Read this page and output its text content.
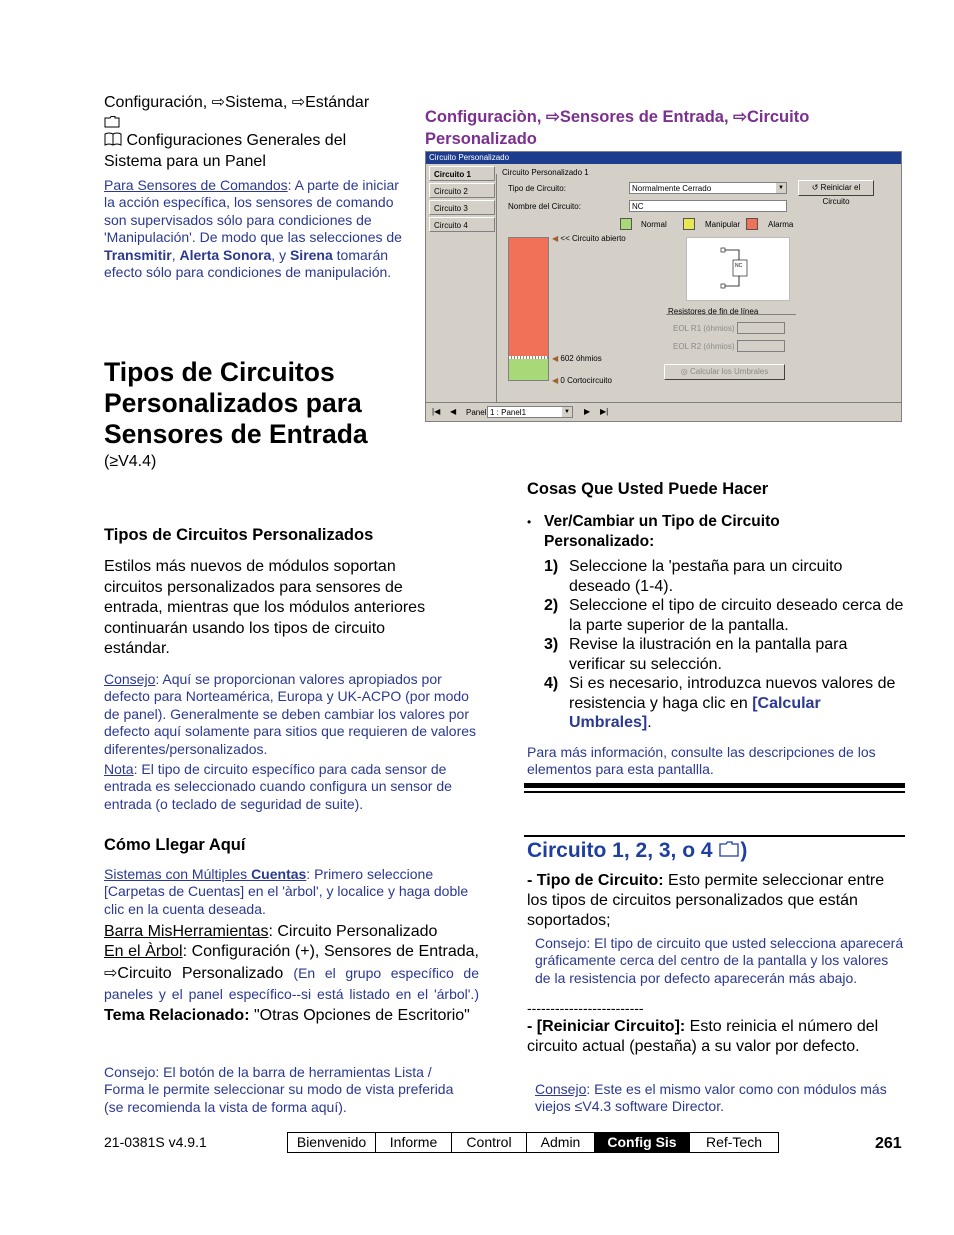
Configuración, ⇨Sistema, ⇨Estándar
Configuraciones Generales del Sistema para un Panel
Para Sensores de Comandos: A parte de iniciar la acción específica, los sensores de comando son supervisados sólo para condiciones de 'Manipulación'. De modo que las selecciones de Transmitir, Alerta Sonora, y Sirena tomarán efecto sólo para condiciones de manipulación.
Tipos de Circuitos Personalizados para Sensores de Entrada
(≥V4.4)
Tipos de Circuitos Personalizados
Estilos más nuevos de módulos soportan circuitos personalizados para sensores de entrada, mientras que los módulos anteriores continuarán usando los tipos de circuito estándar.
Consejo: Aquí se proporcionan valores apropiados por defecto para Norteamérica, Europa y UK-ACPO (por modo de panel). Generalmente se deben cambiar los valores por defecto aquí solamente para sitios que requieren de valores diferentes/personalizados.
Nota: El tipo de circuito específico para cada sensor de entrada es seleccionado cuando configura un sensor de entrada (o teclado de seguridad de suite).
Cómo Llegar Aquí
Sistemas con Múltiples Cuentas: Primero seleccione [Carpetas de Cuentas] en el 'àrbol', y localice y haga doble clic en la cuenta deseada.
Barra MisHerramientas: Circuito Personalizado
En el Àrbol: Configuración (+), Sensores de Entrada, ⇨Circuito Personalizado (En el grupo específico de paneles y el panel específico--si está listado en el 'árbol'.) Tema Relacionado: "Otras Opciones de Escritorio"
Consejo: El botón de la barra de herramientas Lista / Forma le permite seleccionar su modo de vista preferida (se recomienda la vista de forma aquí).
Configuraciòn, ⇨Sensores de Entrada, ⇨Circuito Personalizado
Circuito Personalizado
Circuito 1
Circuito 2
Circuito 3
Circuito 4
Circuito Personalizado 1
Tipo de Circuito:	Normalmente Cerrado	▼	↺ Reiniciar el Circuito
Nombre del Circuito:	NC
Normal	Manipular	Alarma
◀ << Circuito abierto
◀ 602 óhmios
◀ 0 Cortocircuito
NC
Resistores de fin de línea
EOL R1 (óhmios)
EOL R2 (óhmios)
◎ Calcular los Umbrales
|◀ ◀ Panel 1 : Panel1	▼ ▶ ▶|
Cosas Que Usted Puede Hacer
• Ver/Cambiar un Tipo de Circuito Personalizado:
1) Seleccione la 'pestaña para un circuito deseado (1-4).
2) Seleccione el tipo de circuito deseado cerca de la parte superior de la pantalla.
3) Revise la ilustración en la pantalla para verificar su selección.
4) Si es necesario, introduzca nuevos valores de resistencia y haga clic en [Calcular Umbrales].
Para más información, consulte las descripciones de los elementos para esta pantallla.
Circuito 1, 2, 3, o 4 )
- Tipo de Circuito: Esto permite seleccionar entre los tipos de circuitos personalizados que están soportados;
Consejo: El tipo de circuito que usted selecciona aparecerá gráficamente cerca del centro de la pantalla y los valores de la resistencia por defecto aparecerán más abajo.
-------------------------
- [Reiniciar Circuito]: Esto reinicia el número del circuito actual (pestaña) a su valor por defecto.
Consejo: Este es el mismo valor como con módulos más viejos ≤V4.3 software Director.
21-0381S v4.9.1	Bienvenido	Informe	Control	Admin	Config Sis	Ref-Tech	261
